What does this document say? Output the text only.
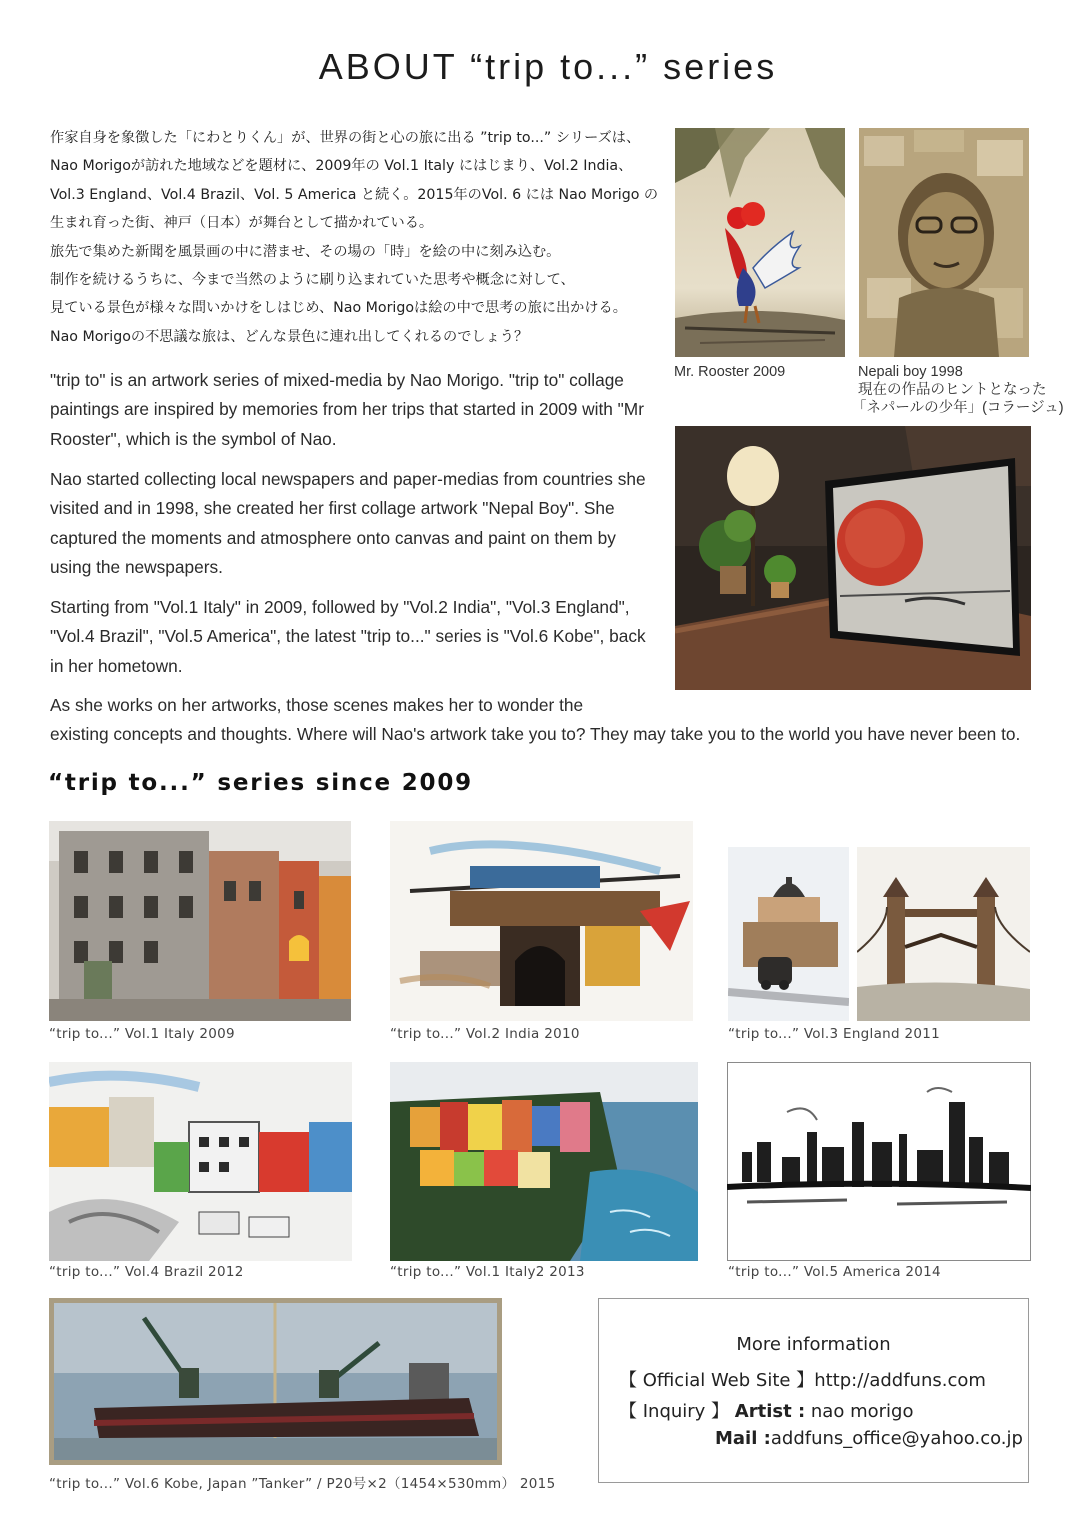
ABOUT “trip to...” series
作家自身を象徴した「にわとりくん」が、世界の街と心の旅に出る ”trip to...” シリーズは、
Nao Morigoが訪れた地域などを題材に、2009年の Vol.1 Italy にはじまり、Vol.2 India、
Vol.3 England、Vol.4 Brazil、Vol. 5 America と続く。2015年のVol. 6 には Nao Morigo の
生まれ育った街、神戸（日本）が舞台として描かれている。
旅先で集めた新聞を風景画の中に潜ませ、その場の「時」を絵の中に刻み込む。
制作を続けるうちに、今まで当然のように刷り込まれていた思考や概念に対して、
見ている景色が様々な問いかけをしはじめ、Nao Morigoは絵の中で思考の旅に出かける。
Nao Morigoの不思議な旅は、どんな景色に連れ出してくれるのでしょう？
"trip to" is an artwork series of mixed-media by Nao Morigo. "trip to" collage paintings are inspired by memories from her trips that started in 2009 with "Mr Rooster", which is the symbol of Nao.
Nao started collecting local newspapers and paper-medias from countries she visited and in 1998, she created her first collage artwork "Nepal Boy". She captured the moments and atmosphere onto canvas and paint on them by using the newspapers.
Starting from "Vol.1 Italy" in 2009, followed by "Vol.2 India", "Vol.3 England", "Vol.4 Brazil", "Vol.5 America", the latest "trip to..." series is "Vol.6 Kobe", back in her hometown.
As she works on her artworks, those scenes makes her to wonder the
existing concepts and thoughts. Where will Nao's artwork take you to? They may take you to the world you have never been to.
Mr. Rooster 2009	Nepali boy 1998
現在の作品のヒントとなった
「ネパールの少年」(コラージュ)
“trip to...” series since 2009
“trip to...” Vol.1 Italy 2009	“trip to...” Vol.2 India 2010	“trip to...” Vol.3 England 2011
“trip to...” Vol.4 Brazil 2012	“trip to...” Vol.1 Italy2 2013	“trip to...” Vol.5 America 2014
“trip to...” Vol.6 Kobe, Japan ”Tanker” / P20号×2（1454×530mm） 2015
More information
【 Official Web Site 】http://addfuns.com
【 Inquiry 】 Artist : nao morigo
Mail :addfuns_office@yahoo.co.jp
